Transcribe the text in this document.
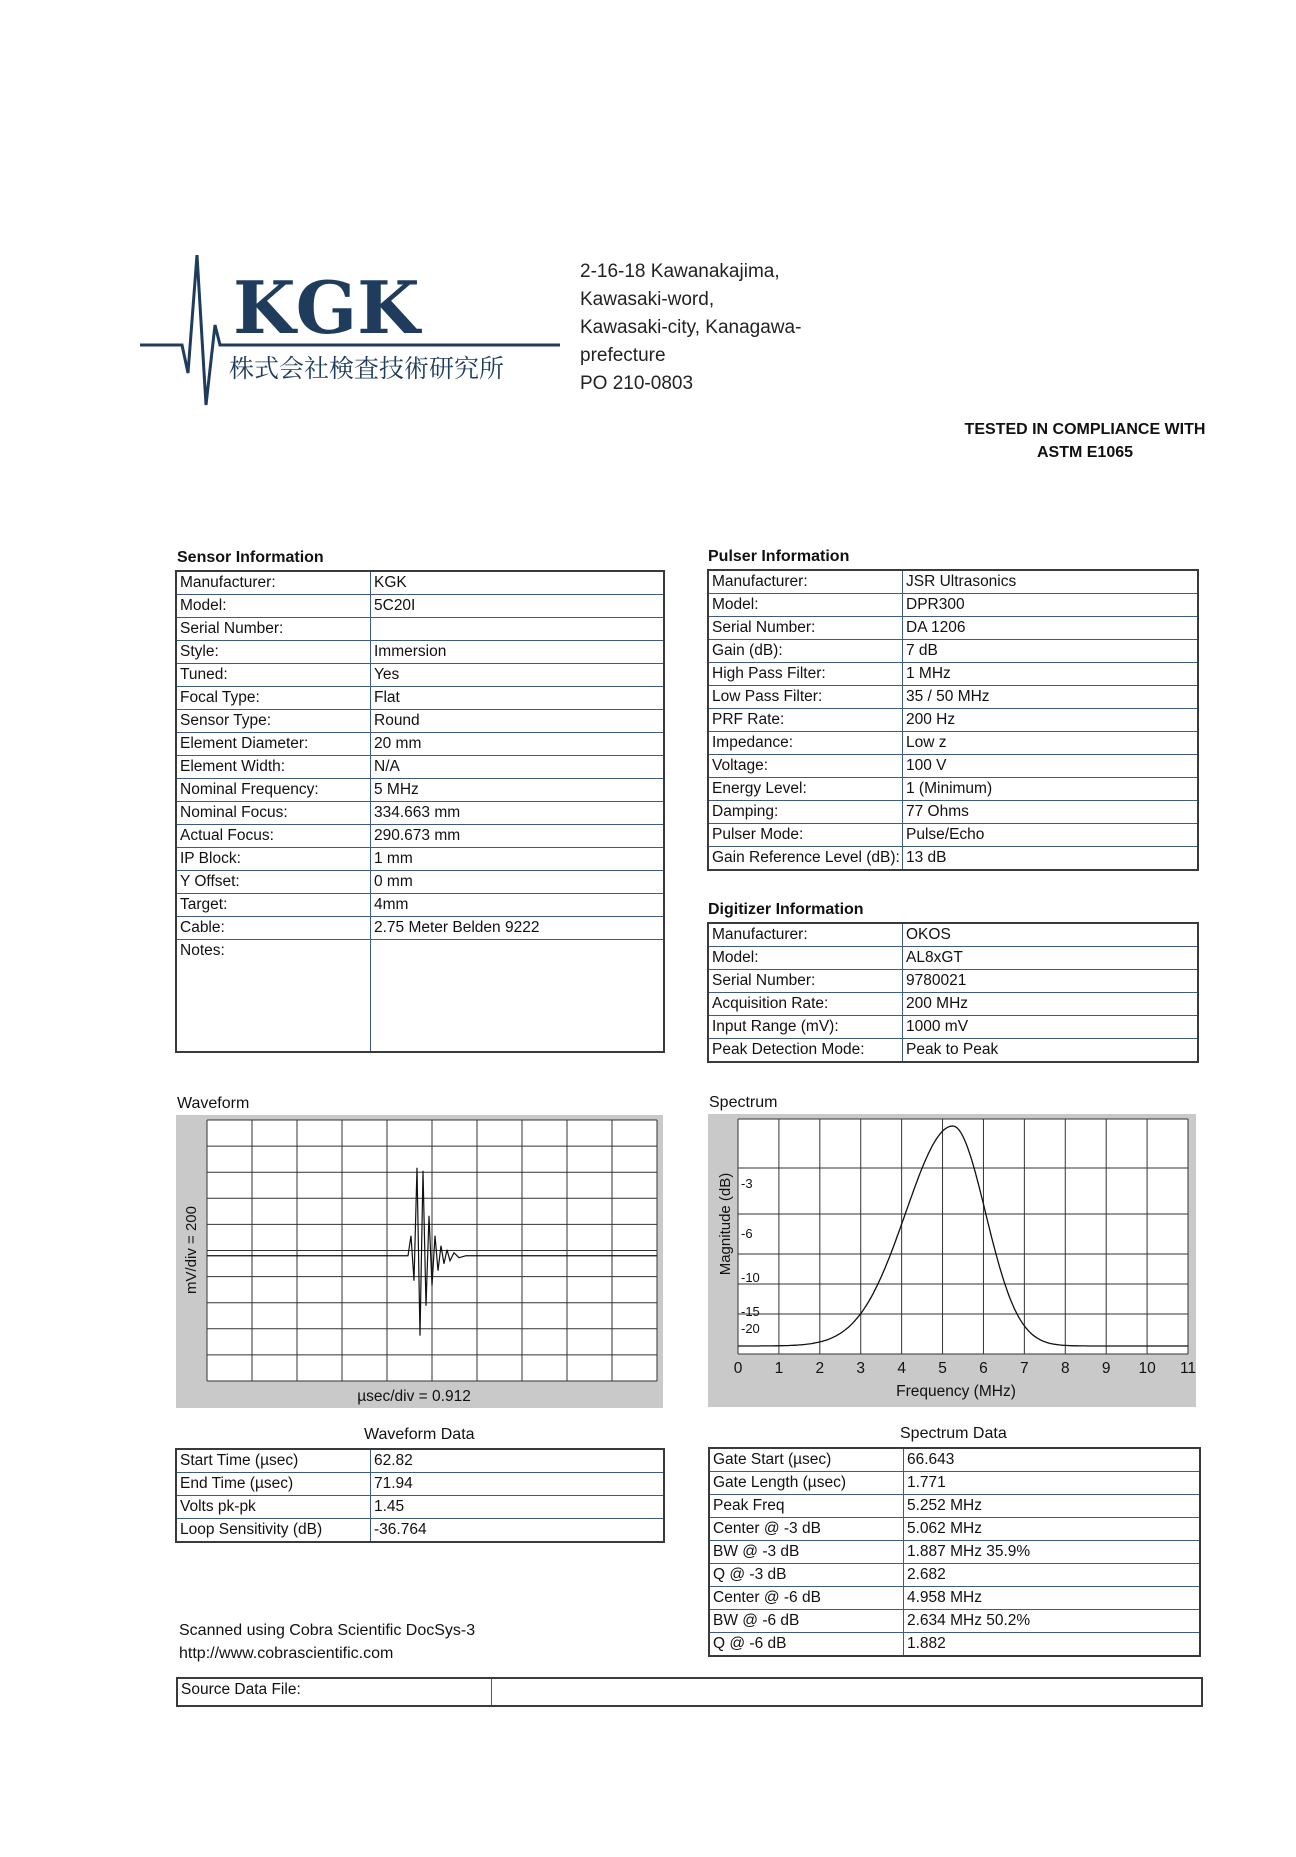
KGK
株式会社検査技術研究所
2-16-18 Kawanakajima,
Kawasaki-word,
Kawasaki-city, Kanagawa-
prefecture
PO 210-0803
TESTED IN COMPLIANCE WITH
ASTM E1065
Sensor Information
Manufacturer:	KGK
Model:	5C20I
Serial Number:	
Style:	Immersion
Tuned:	Yes
Focal Type:	Flat
Sensor Type:	Round
Element Diameter:	20 mm
Element Width:	N/A
Nominal Frequency:	5 MHz
Nominal Focus:	334.663 mm
Actual Focus:	290.673 mm
IP Block:	1 mm
Y Offset:	0 mm
Target:	4mm
Cable:	2.75 Meter Belden 9222
Notes:	
Pulser Information
Manufacturer:	JSR Ultrasonics
Model:	DPR300
Serial Number:	DA 1206
Gain (dB):	7 dB
High Pass Filter:	1 MHz
Low Pass Filter:	35 / 50 MHz
PRF Rate:	200 Hz
Impedance:	Low z
Voltage:	100 V
Energy Level:	1 (Minimum)
Damping:	77 Ohms
Pulser Mode:	Pulse/Echo
Gain Reference Level (dB):	13 dB
Digitizer Information
Manufacturer:	OKOS
Model:	AL8xGT
Serial Number:	9780021
Acquisition Rate:	200 MHz
Input Range (mV):	1000 mV
Peak Detection Mode:	Peak to Peak
Waveform
mV/div = 200
µsec/div = 0.912
Spectrum
-3
-6
-10
-15
-20
0 1 2 3 4 5 6 7 8 9 10 11
Magnitude (dB)
Frequency (MHz)
Waveform Data
Start Time (µsec)	62.82
End Time (µsec)	71.94
Volts pk-pk	1.45
Loop Sensitivity (dB)	-36.764
Spectrum Data
Gate Start (µsec)	66.643
Gate Length (µsec)	1.771
Peak Freq	5.252 MHz
Center @ -3 dB	5.062 MHz
BW @ -3 dB	1.887 MHz 35.9%
Q @ -3 dB	2.682
Center @ -6 dB	4.958 MHz
BW @ -6 dB	2.634 MHz 50.2%
Q @ -6 dB	1.882
Scanned using Cobra Scientific DocSys-3
http://www.cobrascientific.com
Source Data File:
